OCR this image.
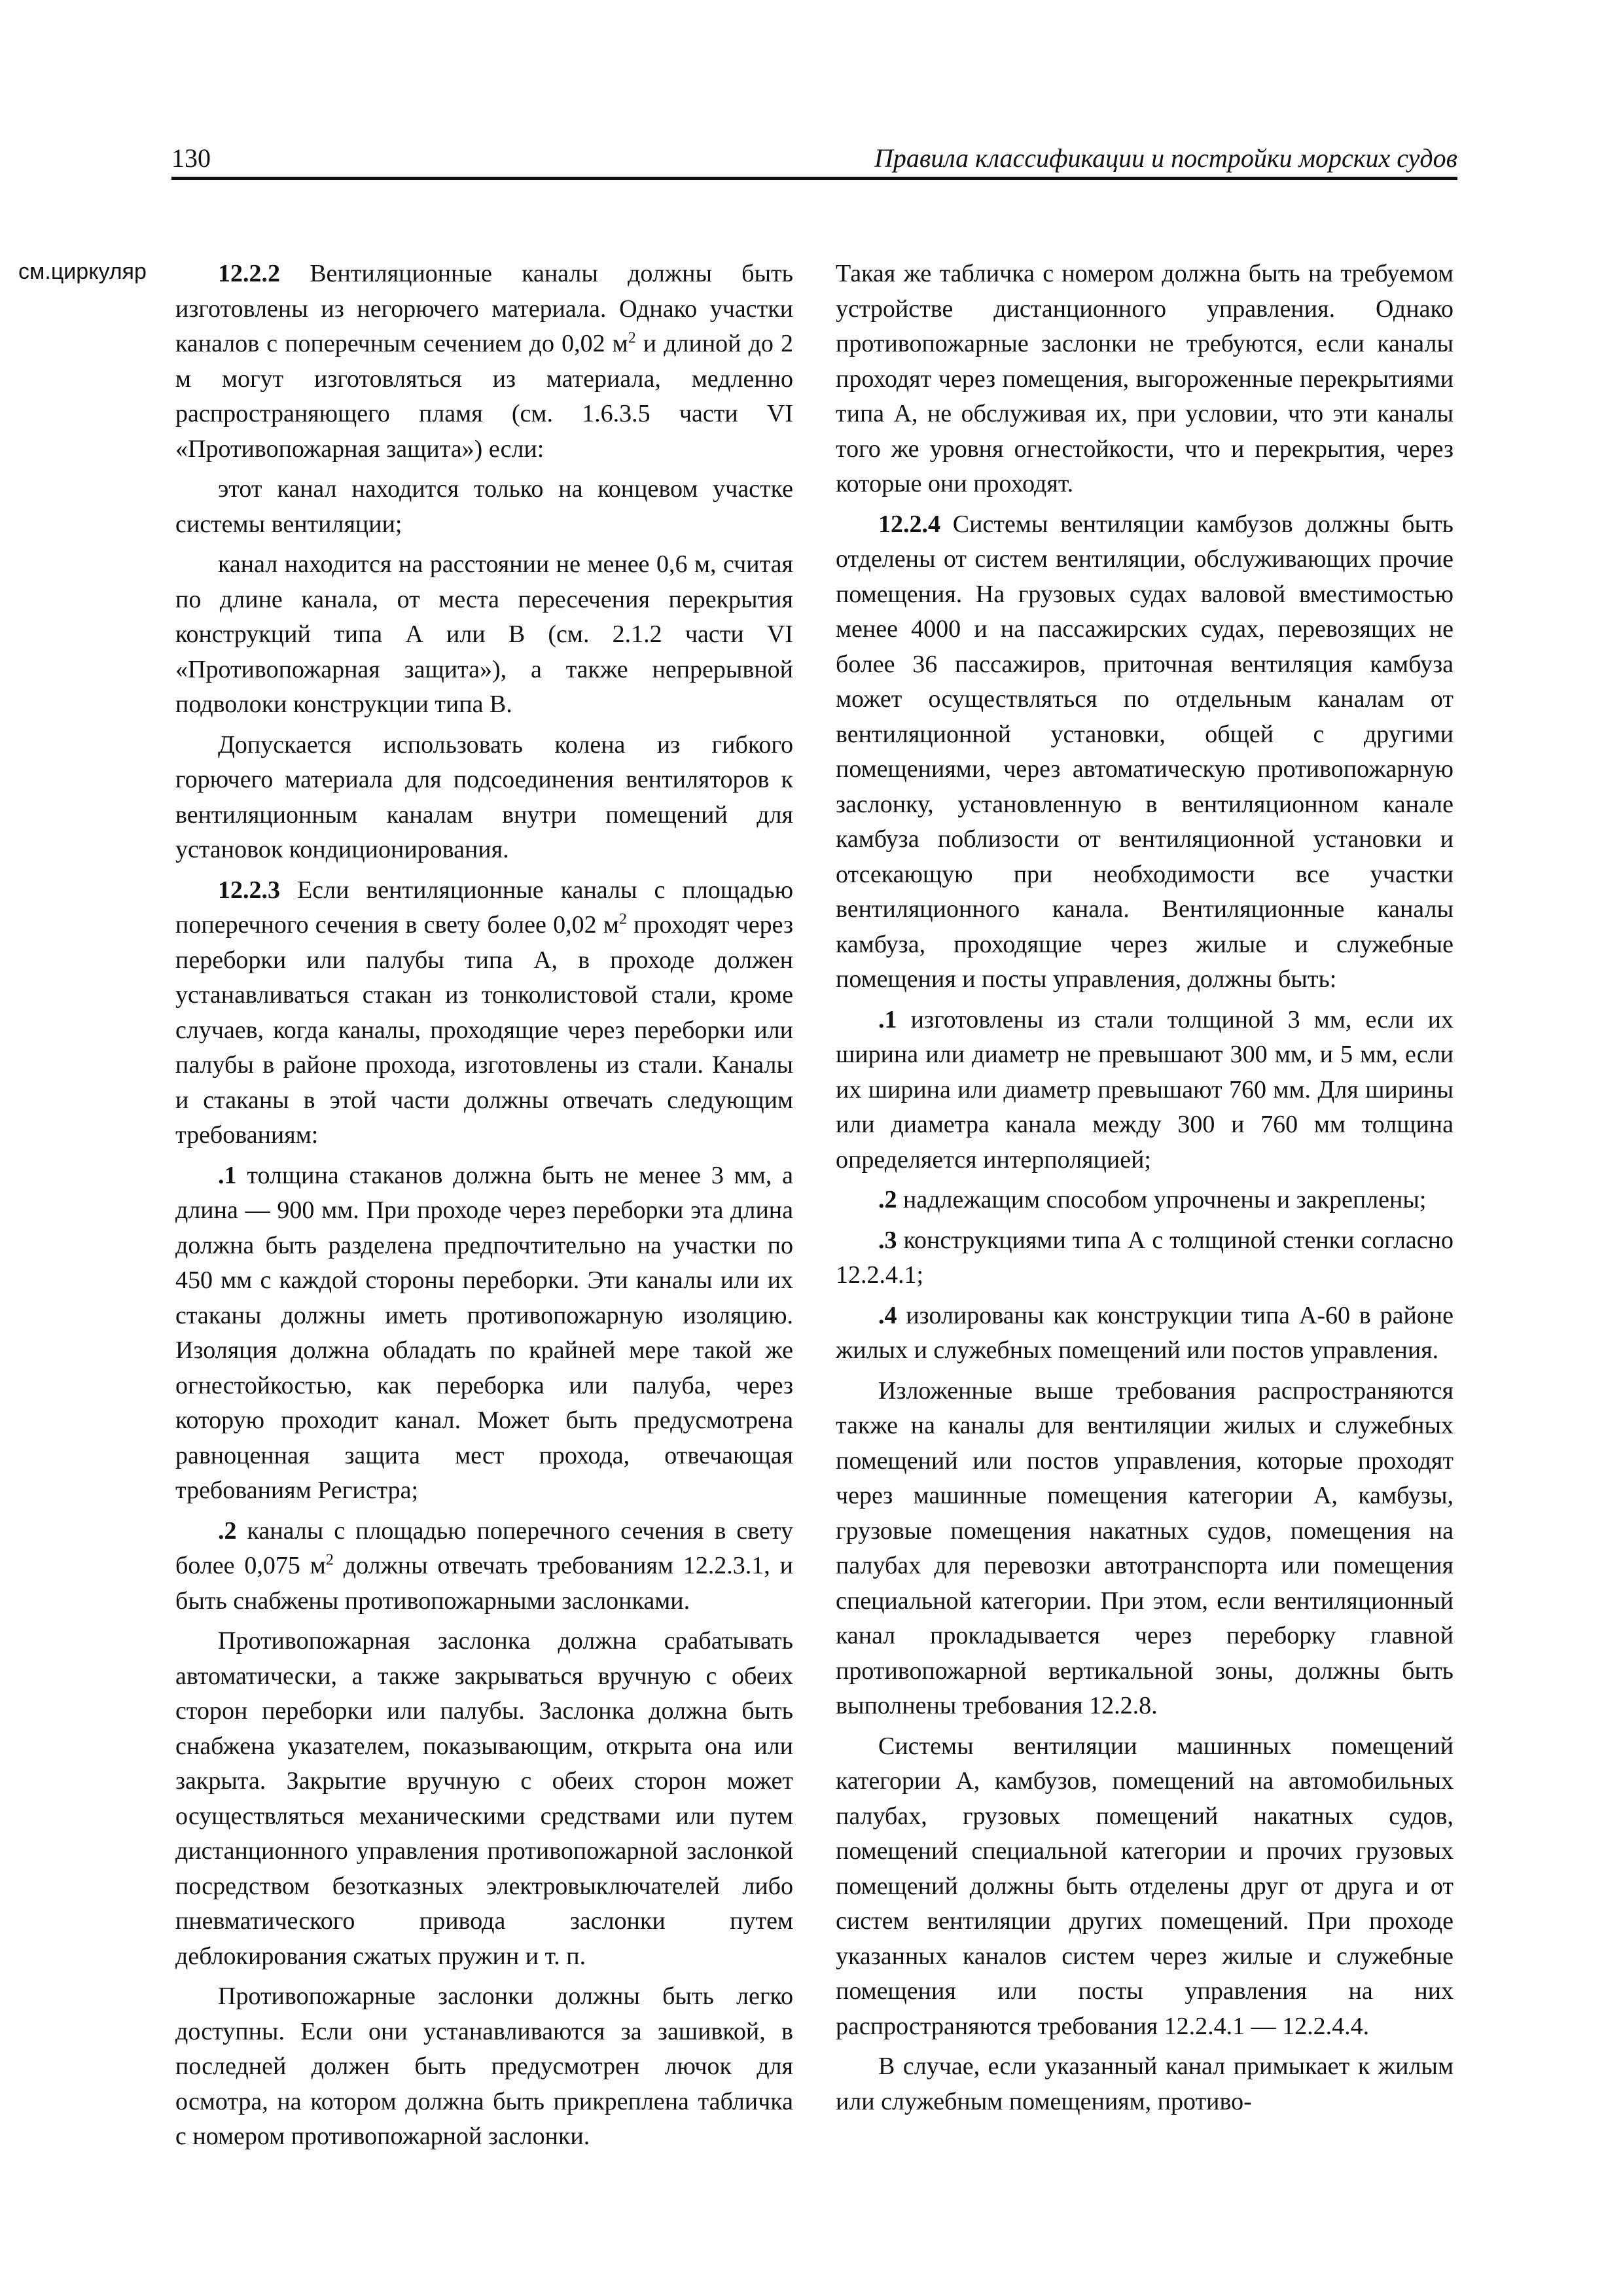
130	Правила классификации и постройки морских судов
см.циркуляр	12.2.2 Вентиляционные каналы должны быть изготовлены из негорючего материала. Однако участки каналов с поперечным сечением до 0,02 $м^2$ и длиной до 2 м могут изготовляться из материала, медленно распространяющего пламя (см. 1.6.3.5 части VI «Противопожарная защита») если:

этот канал находится только на концевом участке системы вентиляции;

канал находится на расстоянии не менее 0,6 м, считая по длине канала, от места пересечения перекрытия конструкций типа А или В (см. 2.1.2 части VI «Противопожарная защита»), а также непрерывной подволоки конструкции типа В.

Допускается использовать колена из гибкого горючего материала для подсоединения вентиляторов к вентиляционным каналам внутри помещений для установок кондиционирования.

12.2.3 Если вентиляционные каналы с площадью поперечного сечения в свету более 0,02 $м^2$ проходят через переборки или палубы типа А, в проходе должен устанавливаться стакан из тонколистовой стали, кроме случаев, когда каналы, проходящие через переборки или палубы в районе прохода, изготовлены из стали. Каналы и стаканы в этой части должны отвечать следующим требованиям:

.1 толщина стаканов должна быть не менее 3 мм, а длина — 900 мм. При проходе через переборки эта длина должна быть разделена предпочтительно на участки по 450 мм с каждой стороны переборки. Эти каналы или их стаканы должны иметь противопожарную изоляцию. Изоляция должна обладать по крайней мере такой же огнестойкостью, как переборка или палуба, через которую проходит канал. Может быть предусмотрена равноценная защита мест прохода, отвечающая требованиям Регистра;

.2 каналы с площадью поперечного сечения в свету более 0,075 $м^2$ должны отвечать требованиям 12.2.3.1, и быть снабжены противопожарными заслонками.

Противопожарная заслонка должна срабатывать автоматически, а также закрываться вручную с обеих сторон переборки или палубы. Заслонка должна быть снабжена указателем, показывающим, открыта она или закрыта. Закрытие вручную с обеих сторон может осуществляться механическими средствами или путем дистанционного управления противопожарной заслонкой посредством безотказных электровыключателей либо пневматического привода заслонки путем деблокирования сжатых пружин и т. п.

Противопожарные заслонки должны быть легко доступны. Если они устанавливаются за зашивкой, в последней должен быть предусмотрен лючок для осмотра, на котором должна быть прикреплена табличка с номером противопожарной заслонки.

Такая же табличка с номером должна быть на требуемом устройстве дистанционного управления. Однако противопожарные заслонки не требуются, если каналы проходят через помещения, выгороженные перекрытиями типа А, не обслуживая их, при условии, что эти каналы того же уровня огнестойкости, что и перекрытия, через которые они проходят.

12.2.4 Системы вентиляции камбузов должны быть отделены от систем вентиляции, обслуживающих прочие помещения. На грузовых судах валовой вместимостью менее 4000 и на пассажирских судах, перевозящих не более 36 пассажиров, приточная вентиляция камбуза может осуществляться по отдельным каналам от вентиляционной установки, общей с другими помещениями, через автоматическую противопожарную заслонку, установленную в вентиляционном канале камбуза поблизости от вентиляционной установки и отсекающую при необходимости все участки вентиляционного канала. Вентиляционные каналы камбуза, проходящие через жилые и служебные помещения и посты управления, должны быть:

.1 изготовлены из стали толщиной 3 мм, если их ширина или диаметр не превышают 300 мм, и 5 мм, если их ширина или диаметр превышают 760 мм. Для ширины или диаметра канала между 300 и 760 мм толщина определяется интерполяцией;

.2 надлежащим способом упрочнены и закреплены;

.3 конструкциями типа А с толщиной стенки согласно 12.2.4.1;

.4 изолированы как конструкции типа А-60 в районе жилых и служебных помещений или постов управления.

Изложенные выше требования распространяются также на каналы для вентиляции жилых и служебных помещений или постов управления, которые проходят через машинные помещения категории А, камбузы, грузовые помещения накатных судов, помещения на палубах для перевозки автотранспорта или помещения специальной категории. При этом, если вентиляционный канал прокладывается через переборку главной противопожарной вертикальной зоны, должны быть выполнены требования 12.2.8.

Системы вентиляции машинных помещений категории А, камбузов, помещений на автомобильных палубах, грузовых помещений накатных судов, помещений специальной категории и прочих грузовых помещений должны быть отделены друг от друга и от систем вентиляции других помещений. При проходе указанных каналов систем через жилые и служебные помещения или посты управления на них распространяются требования 12.2.4.1 — 12.2.4.4.

В случае, если указанный канал примыкает к жилым или служебным помещениям, противо-
